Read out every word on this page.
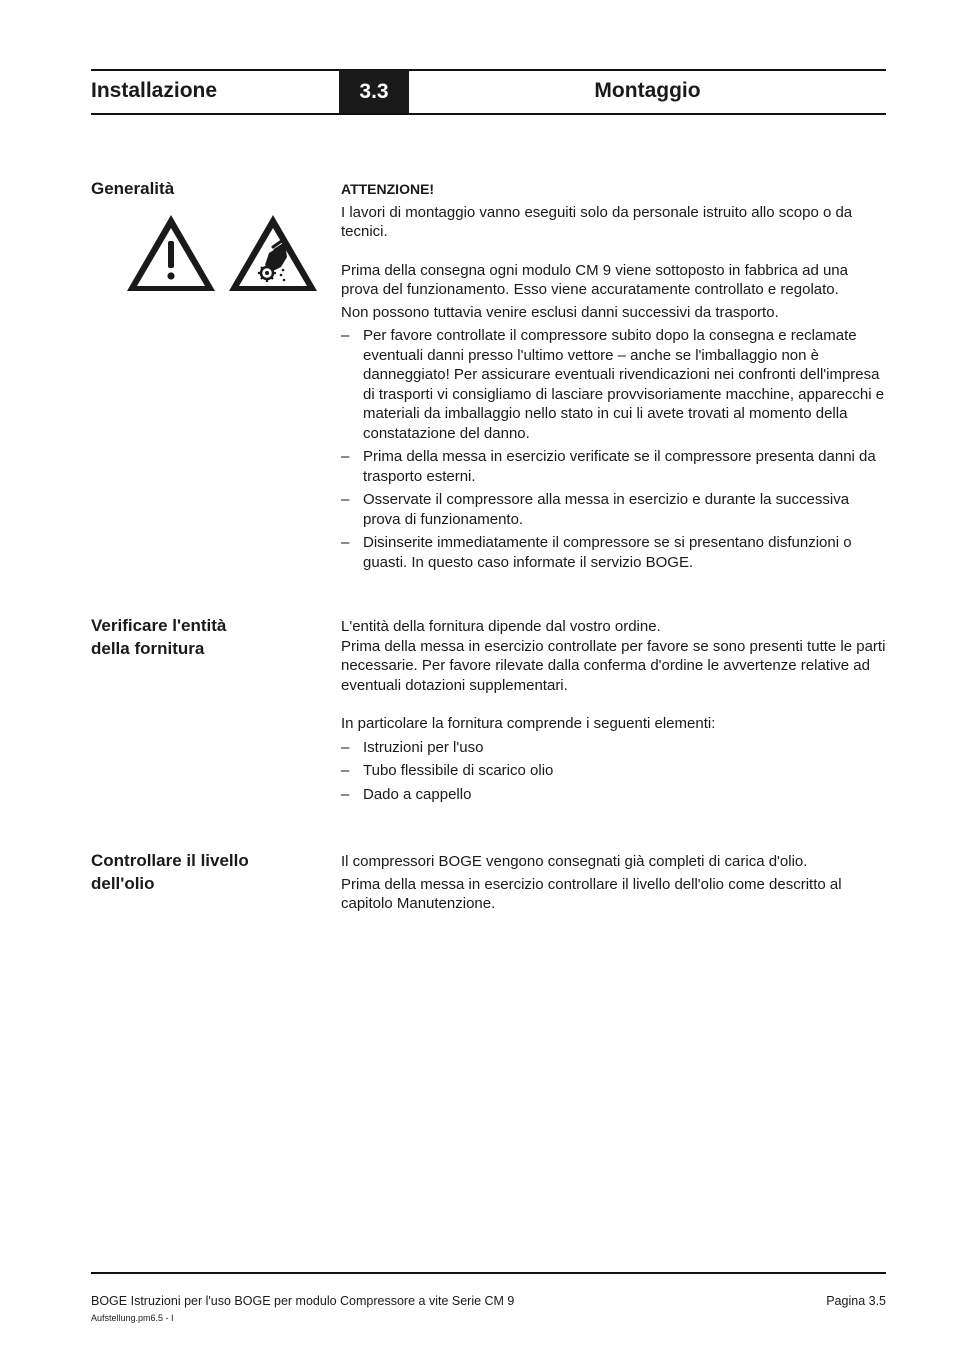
Installazione	3.3	Montaggio
Generalità	ATTENZIONE!

I lavori di montaggio vanno eseguiti solo da personale istruito allo scopo o da tecnici.

Prima della consegna ogni modulo CM 9 viene sottoposto in fabbrica ad una prova del funzionamento. Esso viene accuratamente controllato e regolato.

Non possono tuttavia venire esclusi danni successivi da trasporto.

– Per favore controllate il compressore subito dopo la consegna e reclamate eventuali danni presso l'ultimo vettore – anche se l'imballaggio non è danneggiato! Per assicurare eventuali rivendicazioni nei confronti dell'impresa di trasporti vi consigliamo di lasciare provvisoriamente macchine, apparecchi e materiali da imballaggio nello stato in cui li avete trovati al momento della constatazione del danno.
– Prima della messa in esercizio verificate se il compressore presenta danni da trasporto esterni.
– Osservate il compressore alla messa in esercizio e durante la successiva prova di funzionamento.
– Disinserite immediatamente il compressore se si presentano disfunzioni o guasti. In questo caso informate il servizio BOGE.
Verificare l'entità
della fornitura

L'entità della fornitura dipende dal vostro ordine.

Prima della messa in esercizio controllate per favore se sono presenti tutte le parti necessarie. Per favore rilevate dalla conferma d'ordine le avvertenze relative ad eventuali dotazioni supplementari.

In particolare la fornitura comprende i seguenti elementi:

– Istruzioni per l'uso
– Tubo flessibile di scarico olio
– Dado a cappello
Controllare il livello
dell'olio

Il compressori BOGE vengono consegnati già completi di carica d'olio.

Prima della messa in esercizio controllare il livello dell'olio come descritto al capitolo Manutenzione.

BOGE Istruzioni per l'uso BOGE per modulo Compressore a vite Serie CM 9	Pagina 3.5
Aufstellung.pm6.5 - I
